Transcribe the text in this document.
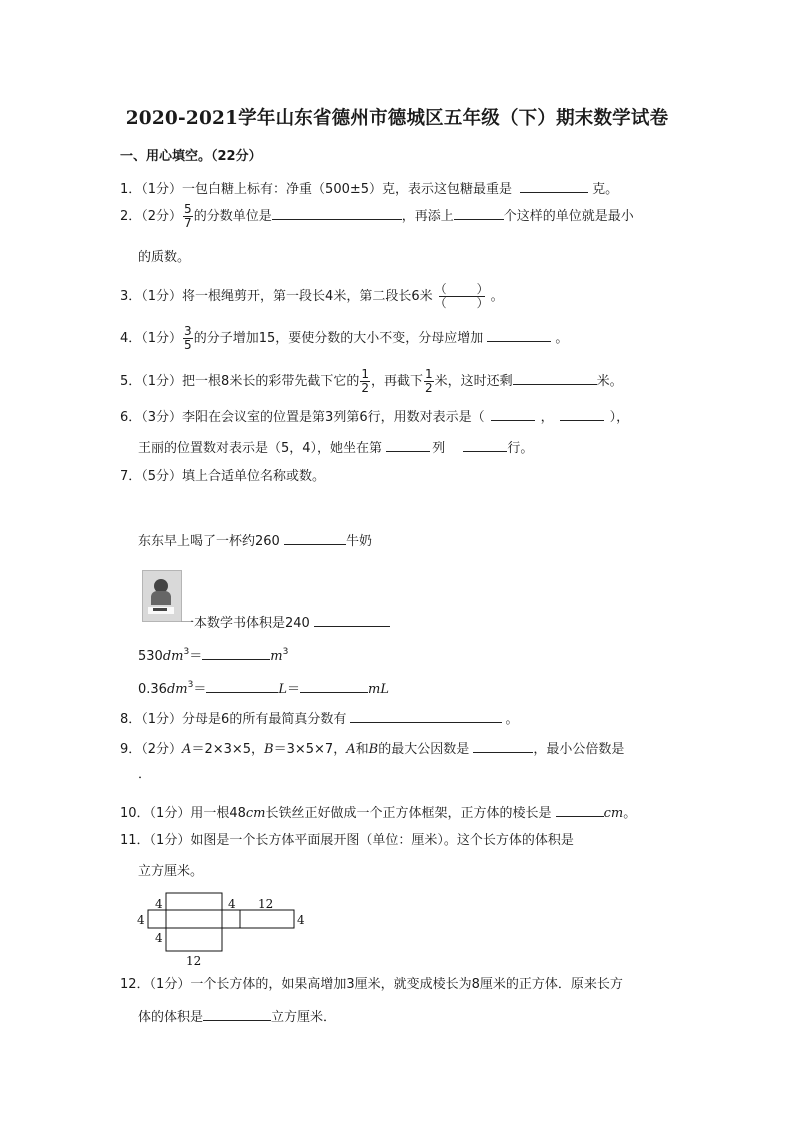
2020-2021学年山东省德州市德城区五年级（下）期末数学试卷
一、用心填空。（22分）
1．（1分）一包白糖上标有：净重（500±5）克，表示这包糖最重是	克。
2．（2分） $\frac{5}{7}$ 的分数单位是	，再添上	个这样的单位就是最小
的质数。
3．（1分）将一根绳剪开，第一段长4米，第二段长6米 （	）
（	） 。
4．（1分） $\frac{3}{5}$ 的分子增加15，要使分数的大小不变，分母应增加	。
5．（1分）把一根8米长的彩带先截下它的 $\frac{1}{2}$ ，再截下 $\frac{1}{2}$ 米，这时还剩	米。
6．（3分）李阳在会议室的位置是第3列第6行，用数对表示是（	，	），
王丽的位置数对表示是（5，4），她坐在第	列	行。
7．（5分）填上合适单位名称或数。
东东早上喝了一杯约260	牛奶
一本数学书体积是240
$530dm^3=$	$m^3$
$0.36dm^3=$	L＝	mL
8．（1分）分母是6的所有最简真分数有	。
9．（2分）A＝2×3×5，B＝3×5×7，A和B的最大公因数是	，最小公倍数是
．
10．（1分）用一根48cm长铁丝正好做成一个正方体框架，正方体的棱长是	cm。
11．（1分）如图是一个长方体平面展开图（单位：厘米）。这个长方体的体积是
立方厘米。
4
4
4
4 12
4
12
12．（1分）一个长方体的，如果高增加3厘米，就变成棱长为8厘米的正方体．原来长方
体的体积是	立方厘米．
